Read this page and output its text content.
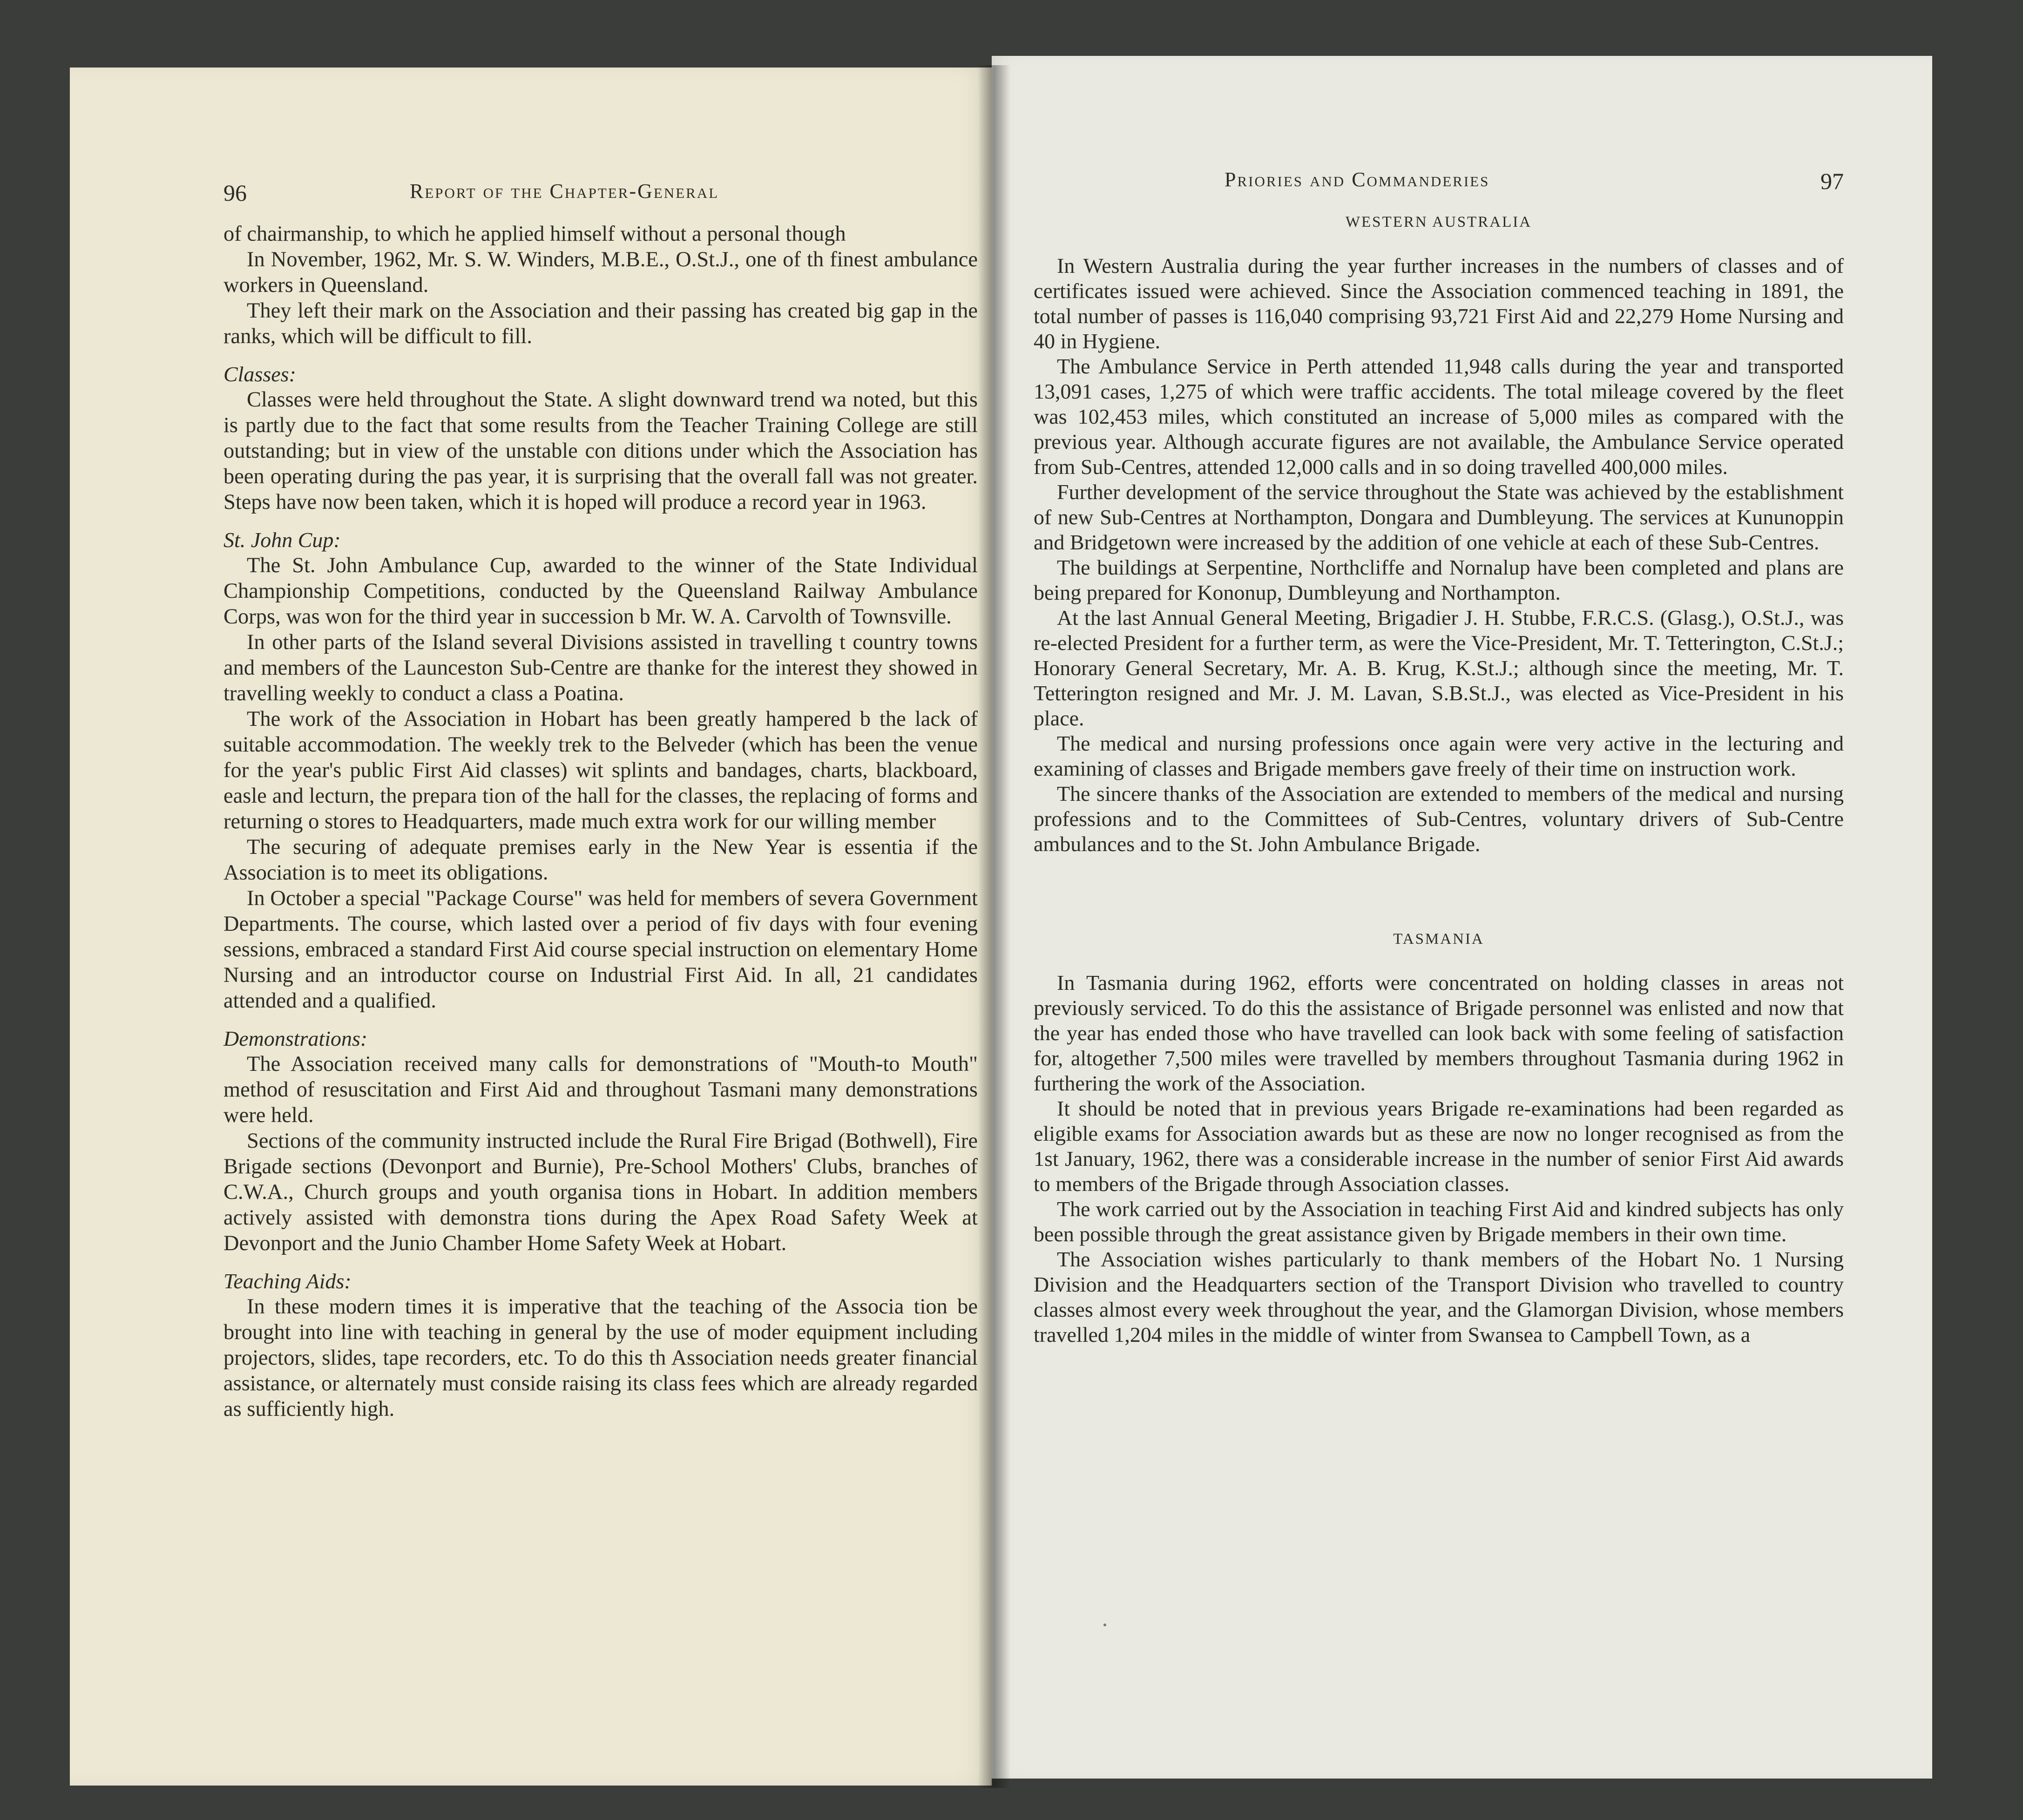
96	Report of the Chapter-General

of chairmanship, to which he applied himself without a personal though

In November, 1962, Mr. S. W. Winders, M.B.E., O.St.J., one of th finest ambulance workers in Queensland.

They left their mark on the Association and their passing has created big gap in the ranks, which will be difficult to fill.

Classes:

Classes were held throughout the State. A slight downward trend wa noted, but this is partly due to the fact that some results from the Teacher Training College are still outstanding; but in view of the unstable con ditions under which the Association has been operating during the pas year, it is surprising that the overall fall was not greater. Steps have now been taken, which it is hoped will produce a record year in 1963.

St. John Cup:

The St. John Ambulance Cup, awarded to the winner of the State Individual Championship Competitions, conducted by the Queensland Railway Ambulance Corps, was won for the third year in succession b Mr. W. A. Carvolth of Townsville.

In other parts of the Island several Divisions assisted in travelling t country towns and members of the Launceston Sub-Centre are thanke for the interest they showed in travelling weekly to conduct a class a Poatina.

The work of the Association in Hobart has been greatly hampered b the lack of suitable accommodation. The weekly trek to the Belveder (which has been the venue for the year's public First Aid classes) wit splints and bandages, charts, blackboard, easle and lecturn, the prepara tion of the hall for the classes, the replacing of forms and returning o stores to Headquarters, made much extra work for our willing member

The securing of adequate premises early in the New Year is essentia if the Association is to meet its obligations.

In October a special "Package Course" was held for members of severa Government Departments. The course, which lasted over a period of fiv days with four evening sessions, embraced a standard First Aid course special instruction on elementary Home Nursing and an introductor course on Industrial First Aid. In all, 21 candidates attended and a qualified.

Demonstrations:

The Association received many calls for demonstrations of "Mouth-to Mouth" method of resuscitation and First Aid and throughout Tasmani many demonstrations were held.

Sections of the community instructed include the Rural Fire Brigad (Bothwell), Fire Brigade sections (Devonport and Burnie), Pre-School Mothers' Clubs, branches of C.W.A., Church groups and youth organisa tions in Hobart. In addition members actively assisted with demonstra tions during the Apex Road Safety Week at Devonport and the Junio Chamber Home Safety Week at Hobart.

Teaching Aids:

In these modern times it is imperative that the teaching of the Associa tion be brought into line with teaching in general by the use of moder equipment including projectors, slides, tape recorders, etc. To do this th Association needs greater financial assistance, or alternately must conside raising its class fees which are already regarded as sufficiently high.

Priories and Commanderies	97
WESTERN AUSTRALIA

In Western Australia during the year further increases in the numbers of classes and of certificates issued were achieved. Since the Association commenced teaching in 1891, the total number of passes is 116,040 comprising 93,721 First Aid and 22,279 Home Nursing and 40 in Hygiene.

The Ambulance Service in Perth attended 11,948 calls during the year and transported 13,091 cases, 1,275 of which were traffic accidents. The total mileage covered by the fleet was 102,453 miles, which constituted an increase of 5,000 miles as compared with the previous year. Although accurate figures are not available, the Ambulance Service operated from Sub-Centres, attended 12,000 calls and in so doing travelled 400,000 miles.

Further development of the service throughout the State was achieved by the establishment of new Sub-Centres at Northampton, Dongara and Dumbleyung. The services at Kununoppin and Bridgetown were increased by the addition of one vehicle at each of these Sub-Centres.

The buildings at Serpentine, Northcliffe and Nornalup have been completed and plans are being prepared for Kononup, Dumbleyung and Northampton.

At the last Annual General Meeting, Brigadier J. H. Stubbe, F.R.C.S. (Glasg.), O.St.J., was re-elected President for a further term, as were the Vice-President, Mr. T. Tetterington, C.St.J.; Honorary General Secretary, Mr. A. B. Krug, K.St.J.; although since the meeting, Mr. T. Tetterington resigned and Mr. J. M. Lavan, S.B.St.J., was elected as Vice-President in his place.

The medical and nursing professions once again were very active in the lecturing and examining of classes and Brigade members gave freely of their time on instruction work.

The sincere thanks of the Association are extended to members of the medical and nursing professions and to the Committees of Sub-Centres, voluntary drivers of Sub-Centre ambulances and to the St. John Ambulance Brigade.

TASMANIA

In Tasmania during 1962, efforts were concentrated on holding classes in areas not previously serviced. To do this the assistance of Brigade personnel was enlisted and now that the year has ended those who have travelled can look back with some feeling of satisfaction for, altogether 7,500 miles were travelled by members throughout Tasmania during 1962 in furthering the work of the Association.

It should be noted that in previous years Brigade re-examinations had been regarded as eligible exams for Association awards but as these are now no longer recognised as from the 1st January, 1962, there was a considerable increase in the number of senior First Aid awards to members of the Brigade through Association classes.

The work carried out by the Association in teaching First Aid and kindred subjects has only been possible through the great assistance given by Brigade members in their own time.

The Association wishes particularly to thank members of the Hobart No. 1 Nursing Division and the Headquarters section of the Transport Division who travelled to country classes almost every week throughout the year, and the Glamorgan Division, whose members travelled 1,204 miles in the middle of winter from Swansea to Campbell Town, as a
